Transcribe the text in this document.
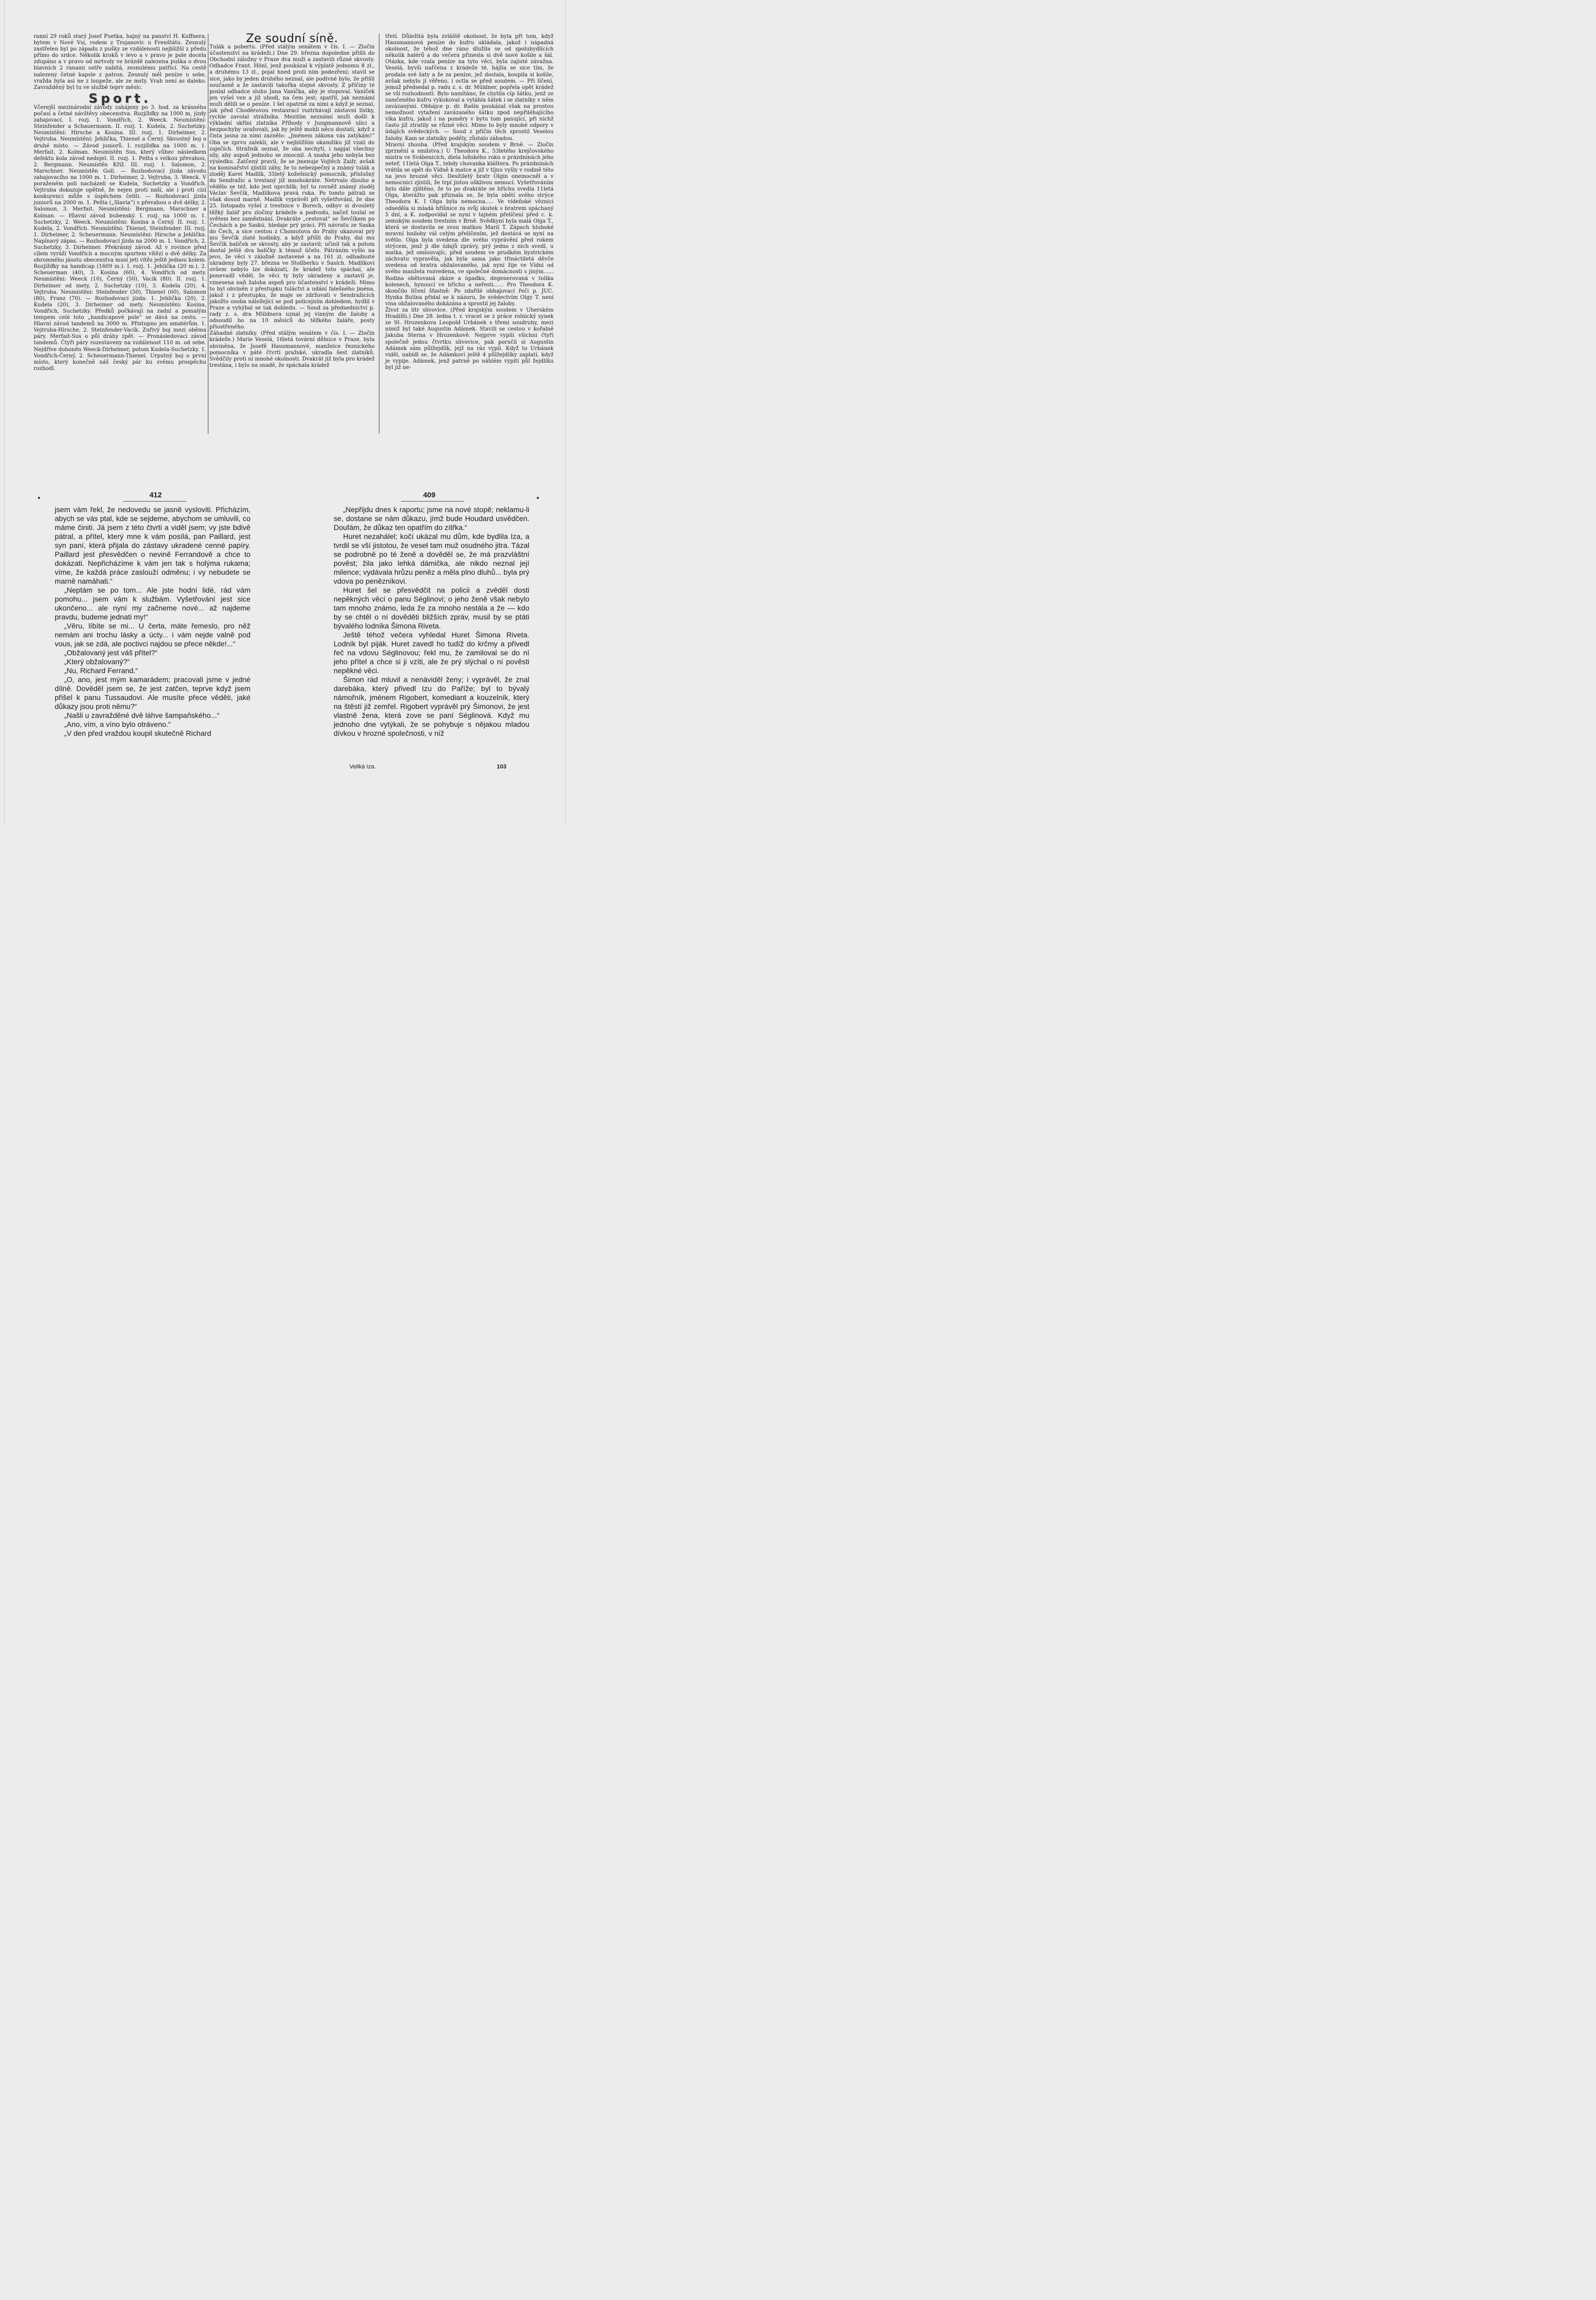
ranní 29 roků starý Josef Puetka, hajný na panství H. Kuffnera, bytem v Nové Vsi, rodem z Trojanovic u Frenštátu. Zesnulý zastřelen byl po západu z pušky ze vzdálenosti nejbližší z předu přímo do srdce. Několik kroků v levo a v pravo je pole docela zdupáno a v pravo od mrtvoly ve brázdě nalezena puška o dvou hlavních 2 ranami ostře nabitá, zesnulému patřící. Na cestě nalezeny četné kapsle z patron. Zesnulý měl peníze u sebe, vražda byla asi ne z loupeže, ale ze msty. Vrah není as daleko. Zavražděný byl tu ve službě teprv měsíc.

Sport.

Včerejší mezinárodní závody zahájeny po 3. hod. za krásného počasí a četné návštěvy obecenstva. Rozjížďky na 1000 m, jízdy zahajovací, I. rozj. 1. Vondřich, 2. Weeck. Neumístění: Steinfender a Schauermann. II. rozj. 1. Kudela, 2. Suchetzky. Neumístění: Hirsche a Kosina. III. rozj. 1. Dirheimer, 2. Vejtruba. Neumístění: Jehlička, Thienel a Černý. Skvostný boj o druhé místo. — Závod juniorů. I. rozjížďka na 1000 m. 1. Merfait, 2. Kolman. Neumístěn Sus, který vůbec následkem defektu kola závod nedojel. II. rozj. 1. Pešta s velkou převahou, 2. Bergmann. Neumístěn Kříž. III. rozj. 1. Salomon, 2. Marschner. Neumístěn Goll. — Rozhodovací jízda závodu zahajovacího na 1000 m. 1. Dirheimer, 2. Vejtruba, 3. Weeck. V poraženém poli nacházeli se Kudela, Suchetzky a Vondřich. Vejtruba dokazuje opětně, že nejen proti naší, ale i proti cizí konkurenci může s úspěchem čeliti. — Rozhodovací jízda juniorů na 2000 m. 1. Pešta („Slavia“) s převahou o dvě délky, 2. Salomon, 3. Merfait. Neumístěni: Bergmann, Marschner a Kolman. — Hlavní závod bubenský. I. rozj. na 1000 m. 1. Suchetzky, 2. Weeck. Neumístěni: Kosina a Černý. II. rozj. 1. Kudela, 2. Vondřich. Neumístěni: Thienel, Steinfender. III. rozj. 1. Dirheimer, 2. Scheuermann. Neumístěni: Hirsche a Jehlička. Napínavý zápas. — Rozhodovací jízda na 2000 m. 1. Vondřich, 2. Suchetzky, 3. Dirheimer. Překrásný závod. Až v rovince před cílem vyráží Vondřich a mocným spurtem vítězí o dvě délky. Za ohromného jásotu obecenstva musí jeti vítěz ještě jednou kolem. Rozjížďky na handicap (1609 m.). I. rozj. 1. Jehlička (20 m.), 2. Scheuerman (40), 3. Kosina (60), 4. Vondřich od mety. Neumístěni: Weeck (10), Černý (50), Vacík (80). II. rozj. 1. Dirheimer od mety, 2. Suchetzky (10), 3. Kudela (20), 4. Vejtruba. Neumístěni: Steinfender (50), Thienel (60), Salomon (80), Franz (70). — Rozhodovací jízda: 1. Jehlička (20), 2. Kudela (20), 3. Dirheimer od mety. Neumístěni: Kosina, Vondřich, Suchetzky. Předků počkávají na zadní a pomalým tempem celé toto „handicapové pole“ se dává na cestu. — Hlavní závod tandemů na 3000 m. Přistupno jen amatérům. 1. Vejtruba-Hirsche, 2. Steinfender-Vacík. Zuřivý boj mezi oběma páry. Merfait-Sus o půl dráhy zpět. — Pronásledovací závod tandemů. Čtyři páry rozestaveny na vzdálenost 110 m. od sebe. Nejdříve dohoněn Weeck-Dirheimer, potom Kudela-Suchetzky. 1. Vondřich-Černý, 2. Scheuermann-Thienel. Urputný boj o první místo, který konečně náš český pár ku svému prospěchu rozhodl.

Ze soudní síně.

Tulák a pobertu. (Před stálým senátem v čís. I. — Zločin účastenství na krádeži.) Dne 29. března dopoledne přišli do Obchodní záložny v Praze dva muži a zastavili různé skvosty. Odhadce Frant. Hönl, jenž poukázal k výplatě jednomu 8 zl., a druhému 13 zl., pojal hned proti nim podezření; stavil se sice, jako by jeden druhého neznal, ale podivné bylo, že přišli současně a že zastavili takořka stejné skvosty. Z příčiny té poslal odhadce sluhu Jana Vaníčka, aby je stopoval. Vaníček jen vyšel ven a již uhodl, na čem jest; spatřil, jak neznámí muži dělili se o peníze. I šel opatrně za nimi a když je seznal, jak před Choděrovou restaurací roztrhávají zástavní lístky, rychle zavolal strážníka. Mezitím neznámí muži došli k výkladní skříni zlatníka Příhody v Jungmannově ulici a bezpochyby uvažovali, jak by ještě mohli něco dostati, když z čista jasna za nimi zaznělo: „Jménem zákona vás zatýkám!“ Oba se zprvu zalekli, ale v nejbližším okamžiku již vzali do zaječích. Strážník seznal, že oba nechytí, i napjal všechny síly, aby aspoň jednoho se zmocnil. A snaha jeho nebyla bez výsledku. Zatčený pravil, že se jmenuje Vojtěch Zaifr, avšak na komisařství zjistili záhy, že to nebezpečný a známý tulák a zloděj Karel Madlík, 35letý kožešnický pomocník, příslušný do Sendražic a trestaný již mnohokráte. Netrvalo dlouho a vědělo se též, kdo jest uprchlík; byl to rovněž známý zloděj Václav Ševčík, Madlíkova pravá ruka. Po tomto pátrali se však dosud marně. Madlík vyprávěl při vyšetřování, že dne 25. listopadu vyšel z trestnice v Borech, odbyv si dvouletý těžký žalář pro zločiny krádeže a podvodu, načež toulal se světem bez zaměstnání. Dvakráte „cestoval“ se Ševčíkem po Čechách a po Saskú, hledaje prý práci. Při návratu ze Saska do Čech, a sice cestou z Chomutova do Prahy ukazoval prý mu Ševčík zlaté hodinky, a když přišli do Prahy, dal mu Ševčík balíček se skvosty, aby je zastavil; učinil tak a potom dostal ještě dva balíčky k témuž účelu. Pátráním vyšlo na jevo, že věci v záložně zastavené a na 161 zl. odhadnuté ukradeny byly 27. března ve Stollberku v Sasích. Madlíkovi ovšem nebylo lze dokázati, že krádež tuto spáchal, ale ponevadž věděl, že věci ty byly ukradeny a zastavil je, vznesena naň žaloba aspoň pro účastenství v krádeži. Mimo to byl obviněn z přestupku tuláctví a udání falešného jména, jakož i z přestupku, že maje se zdržovati v Sendražicích jakožto osoba náležející se pod policejním dohledem, hydlil v Praze a vyhýbal se tak dohledu. — Soud za předsednictví p. rady z. s. dra Müldnera uznal jej vinným dle žaloby a odsoudil ho na 10 měsíců do těžkého žaláře, posty přiostřeného.

Záhadné zlatníky. (Před stálým senátem v čís. I. — Zločin krádeže.) Marie Veselá, 16letá tovární dělnice v Praze, byla obviněna, že Josefě Hausmannové, manželce řezníckého pomocníka v páté čtvrti pražské, ukradla šest zlatníků. Svědčily proti ní mnohé okolnosti. Dvakrát již byla pro krádež trestána, i bylo na snadě, že spáchala krádež

třetí. Důležitá byla zvláště okolnost, že byla při tom, když Hausmannová peníze do kufru ukládala, jakož i nápadná okolnost, že téhož dne ráno dlužila se od spolubydlících několik halérů a do večera přinesla si dvě nové košile a šál. Otázka, kde vzala peníze na tyto věci, byla zajisté závažna. Veselá, byvši nařčena z krádeže té, hájila se sice tím, že prodala své šaty a že za peníze, jež dostala, koupila si košile, avšak nebylo jí věřeno, i octla se před soudem. — Při líčení, jemuž předsedal p. radu z. s. dr. Müldner, popřela opět krádež se vší rozhodností. Bylo namítáno, že chytila cíp šátku, jenž ze zamčeného kufru vykukoval a vytáhla šátek i se zlatníky v něm zavázanými. Obhájce p. dr. Rašín poukázal však na prostou nemožnost vytažení zavázaného šátku zpod nepřiléhajícího víka kufru, jakož i na poměry v bytu tom panující, při nichž často již ztratily se různé věci. Mimo to byly mnohé odpory v údajích svědeckých. — Soud z příčin těch sprostil Veselou žaloby. Kam se zlatníky poděly, zůstalo záhadou.

Mravní zhouba. (Před krajským soudem v Brně. — Zločin zprznění a smilstva.) U Theodora K., 53letého krejčovského mistra ve Svábenicích, dlela loňského roku o prázdninách jeho neteř, 11letá Olga T., tehdy chovanka klášterа. Po prázdninách vrátila se opět do Vídně k matce a již v tíjnu vyšly v rodině této na jevo hrozné věci. Desítiletý bratr Olgin onemocněl a v nemocnici zjistili, že trpí jistou ošklivou nemocí. Vyšetřováním bylo dále zjištěno, že to po dvakráte se hříchu svedla 11letá Olga, kterážto pak přiznala se, že byla obětí svého strýce Theodora K. I Olga byla nemocna..... Ve vídeňské věznici odseděla si mladá hříšnice za svůj skutek s bratrem spáchaný 5 dní, a K. zodpovídal se nyní v tajném přelíčení před c. k. zemským soudem trestním v Brně. Svědkyní byla malá Olga T., která se dostavila se svou matkou Marií T. Zápach hluboké mravní hniloby vál celým přelíčením, jež dostává se nyní na světlo. Olga byla svedena dle svého vyprávění před rokem strýcem, jenž ji dle údajů zprávy, prý jedno z nich svedl, u matka, jež omlouvajíc, před soudem ve prudkém bystrickém záchvatu vypravěla, jak byla sama jako třináctiletá děvče svedena od bratra obžalovaného, jak nyní žije ve Vídni od svého manžela rozvedena, ve společné domácnosti s jiným...... Rodina obětovaná zkáze a úpadku, degenerovaná v tolika kolenech, hynoucí ve hříchu a neřesti...... Pro Theodora K. skončilo líčení šťastně: Po zdařilé obhajovací řeči p. JUC. Hynka Bulína přidal se k názoru, že svědectvím Olgy T. není vina obžalovaného dokázána a sprostil jej žaloby.

Život za litr slivovice. (Před krajským soudem v Uherském Hradišti.) Dne 28. ledna t. r. vracel se z práce rolnický synek ze St. Hrozenkova Leopold Urbánek s třemi soudruhy, mezi nimiž byl také Augustin Adámek. Stavili se cestou v kořalně Jakuba Sterna v Hrozenkově. Nejprve vypili všichni čtyři společně jednu čtvrtku slivovice, pak poručil si Augustin Adámek sám půlžejdlík, jejž na ráz vypil. Když to Urbánek viděl, nabídl se, že Adámkovi ještě 4 půlžejdlíky zaplatí, když je vypije. Adámek, jenž patrně po náhlém vypití půl žejdlíku byl již ne-

412	409

jsem vám řekl, že nedovedu se jasně vysloviti. Přicházím, abych se vás ptal, kde se sejdeme, abychom se umluvili, co máme činiti. Já jsem z této čtvrti a viděl jsem; vy jste bdivě pátral, a přítel, který mne k vám posílá, pan Paillard, jest syn paní, která přijala do zástavy ukradené cenné papíry. Paillard jest přesvědčen o nevině Ferrandově a chce to dokázati. Nepřicházíme k vám jen tak s holýma rukama; víme, že každá práce zaslouží odměnu; i vy nebudete se marně namáhati.“

„Neptám se po tom... Ale jste hodní lidé, rád vám pomohu... jsem vám k službám. Vyšetřování jest sice ukončeno... ale nyní my začneme nové... až najdeme pravdu, budeme jednati my!“

„Věru, líbíte se mi... U čerta, máte řemeslo, pro něž nemám ani trochu lásky a úcty... i vám nejde valně pod vous, jak se zdá, ale poctivci najdou se přece někde!...“

„Obžalovaný jest váš přítel?“

„Který obžalovaný?“

„Nu, Richard Ferrand.“

„O, ano, jest mým kamarádem; pracovali jsme v jedné dílně. Dověděl jsem se, že jest zatčen, teprve když jsem přišel k panu Tussaudovi. Ale musíte přece věděti, jaké důkazy jsou proti němu?“

„Našli u zavražděné dvě láhve šampaňského...“

„Ano, vím, a víno bylo otráveno.“

„V den před vraždou koupil skutečně Richard

„Nepřijdu dnes k raportu; jsme na nové stopě; neklamu-li se, dostane se nám důkazu, jímž bude Houdard usvědčen. Doufám, že důkaz ten opatřím do zítřka.“

Huret nezahálel; kočí ukázal mu dům, kde bydlila Iza, a tvrdil se vší jistotou, že veseł tam muž osudného jitra. Tázal se podrobně po té ženě a dověděl se, že má prazvláštní pověst; žila jako lehká dámička, ale nikdo neznal její milence; vydávala hrůzu peněz a měla plno dluhů... byla prý vdova po penězníkovi.

Huret šel se přesvědčit na policii a zvěděl dosti nepěkných věcí o panu Séglinovi; o jeho ženě však nebylo tam mnoho známo, leda že za mnoho nestála a že — kdo by se chtěl o ní dověděti bližších zpráv, musil by se ptáti bývalého lodníka Šimona Riveta.

Ještě téhož večera vyhledal Huret Šimona Riveta. Lodník byl piják. Huret zavedl ho tudíž do krčmy a přivedl řeč na vdovu Séglinovou; řekl mu, že zamiloval se do ní jeho přítel a chce si ji vzíti, ale že prý slýchal o ní pověsti nepěkné věci.

Šimon rád mluvil a nenáviděl ženy; i vyprávěl, že znal darebáka, který přivedl Izu do Paříže; byl to bývalý námořník, jménem Rigobert, komediant a kouzelník, který na štěstí již zemřel. Rigobert vyprávěl prý Šimonovi, že jest vlastně žena, která zove se paní Séglinová. Když mu jednoho dne vytýkali, že se pohybuje s nějakou mladou dívkou v hrozné společnosti, v níž

Veliká Iza.	103
